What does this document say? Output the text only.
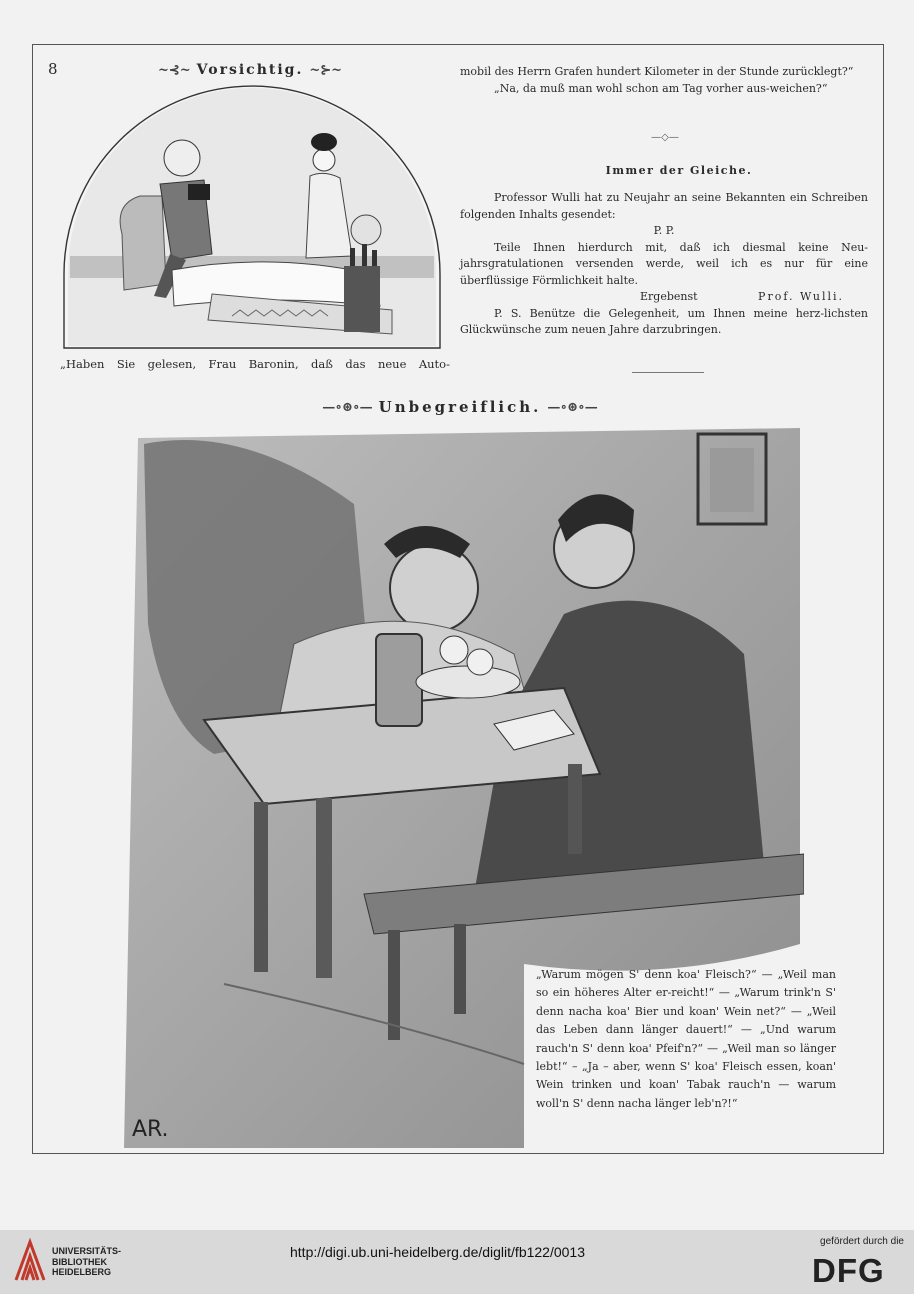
8	~⊰~ Vorsichtig. ~⊱~
„Haben Sie gelesen, Frau Baronin, daß das neue Auto-

mobil des Herrn Grafen hundert Kilometer in der Stunde zurücklegt?“

„Na, da muß man wohl schon am Tag vorher aus-weichen?“

—◇—
Immer der Gleiche.

Professor Wulli hat zu Neujahr an seine Bekannten ein Schreiben folgenden Inhalts gesendet:

P. P.

Teile Ihnen hierdurch mit, daß ich diesmal keine Neu-jahrsgratulationen versenden werde, weil ich es nur für eine überflüssige Förmlichkeit halte.

Ergebenst	Prof. Wulli.

P. S. Benütze die Gelegenheit, um Ihnen meine herz-lichsten Glückwünsche zum neuen Jahre darzubringen.

—∘⊛∘— Unbegreiflich. —∘⊛∘—
AR.

„Warum mögen S' denn koa' Fleisch?“ — „Weil man so ein höheres Alter er-reicht!“ — „Warum trink'n S' denn nacha koa' Bier und koan' Wein net?“ — „Weil das Leben dann länger dauert!“ — „Und warum rauch'n S' denn koa' Pfeif'n?“ — „Weil man so länger lebt!“ – „Ja – aber, wenn S' koa' Fleisch essen, koan' Wein trinken und koan' Tabak rauch'n — warum woll'n S' denn nacha länger leb'n?!“

UNIVERSITÄTS-
BIBLIOTHEK
HEIDELBERG
http://digi.ub.uni-heidelberg.de/diglit/fb122/0013
gefördert durch die
DFG
